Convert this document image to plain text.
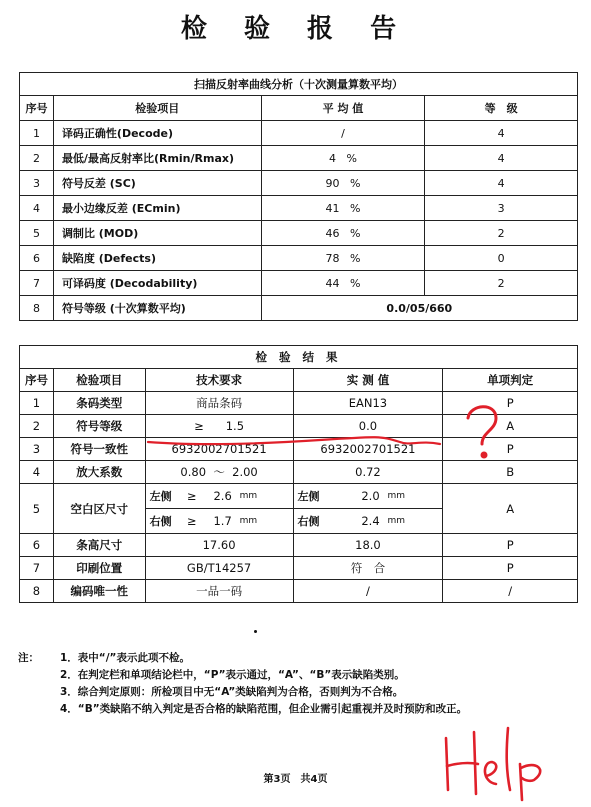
检 验 报 告
扫描反射率曲线分析（十次测量算数平均）			
序号	检验项目	平 均 值	等　级
1	译码正确性(Decode)	/	4
2	最低/最高反射率比(Rmin/Rmax)	4 %	4
3	符号反差 (SC)	90 %	4
4	最小边缘反差 (ECmin)	41 %	3
5	调制比 (MOD)	46 %	2
6	缺陷度 (Defects)	78 %	0
7	可译码度 (Decodability)	44 %	2
8	符号等级 (十次算数平均)	0.0/05/660	
检 验 结 果				
序号	检验项目	技术要求	实 测 值	单项判定
1	条码类型	商品条码	EAN13	P
2	符号等级	≥ 1.5	0.0	A
3	符号一致性	6932002701521	6932002701521	P
4	放大系数	0.80 ～ 2.00	0.72	B
5	空白区尺寸	左侧 ≥ 2.6 mm	左侧 2.0 mm	A

		右侧 ≥ 1.7 mm	右侧 2.4 mm	

6	条高尺寸	17.60	18.0	P
7	印刷位置	GB/T14257	符　合	P
8	编码唯一性	一品一码	/	/
注： 1．表中“/”表示此项不检。
2．在判定栏和单项结论栏中，“P”表示通过，“A”、“B”表示缺陷类别。
3．综合判定原则：所检项目中无“A”类缺陷判为合格，否则判为不合格。
4．“B”类缺陷不纳入判定是否合格的缺陷范围，但企业需引起重视并及时预防和改正。
第3页　共4页
